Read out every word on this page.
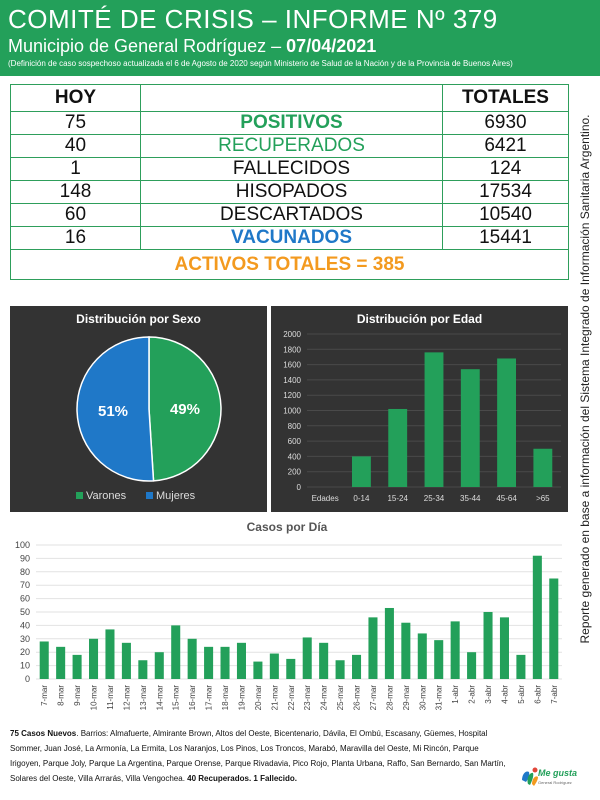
COMITÉ DE CRISIS – INFORME Nº 379
Municipio de General Rodríguez – 07/04/2021
(Definición de caso sospechoso actualizada el 6 de Agosto de 2020 según Ministerio de Salud de la Nación y de la Provincia de Buenos Aires)
HOY		TOTALES
75	POSITIVOS	6930
40	RECUPERADOS	6421
1	FALLECIDOS	124
148	HISOPADOS	17534
60	DESCARTADOS	10540
16	VACUNADOS	15441
ACTIVOS TOTALES = 385		
49%
51%
Varones	Mujeres
Distribución por Sexo
0
200
400
600
800
1000
1200
1400
1600
1800
2000
Edades 0-14 15-24 25-34 35-44 45-64 >65
Distribución por Edad
0
10
20
30
40
50
60
70
80
90
100
7-mar 8-mar 9-mar 10-mar 11-mar 12-mar 13-mar 14-mar 15-mar 16-mar 17-mar 18-mar 19-mar 20-mar 21-mar 22-mar 23-mar 24-mar 25-mar 26-mar 27-mar 28-mar 29-mar 30-mar 31-mar 1-abr 2-abr 3-abr 4-abr 5-abr 6-abr 7-abr
Casos por Día	Reporte generado en base a información del Sistema Integrado de Información Sanitaria Argentino.
75 Casos Nuevos. Barrios: Almafuerte, Almirante Brown, Altos del Oeste, Bicentenario, Dávila, El Ombú, Escasany, Güemes, Hospital Sommer, Juan José, La Armonía, La Ermita, Los Naranjos, Los Pinos, Los Troncos, Marabó, Maravilla del Oeste, Mi Rincón, Parque Irigoyen, Parque Joly, Parque La Argentina, Parque Orense, Parque Rivadavia, Pico Rojo, Planta Urbana, Raffo, San Bernardo, San Martín, Solares del Oeste, Villa Arrarás, Villa Vengochea. 40 Recuperados. 1 Fallecido.
Me gusta
General Rodríguez
